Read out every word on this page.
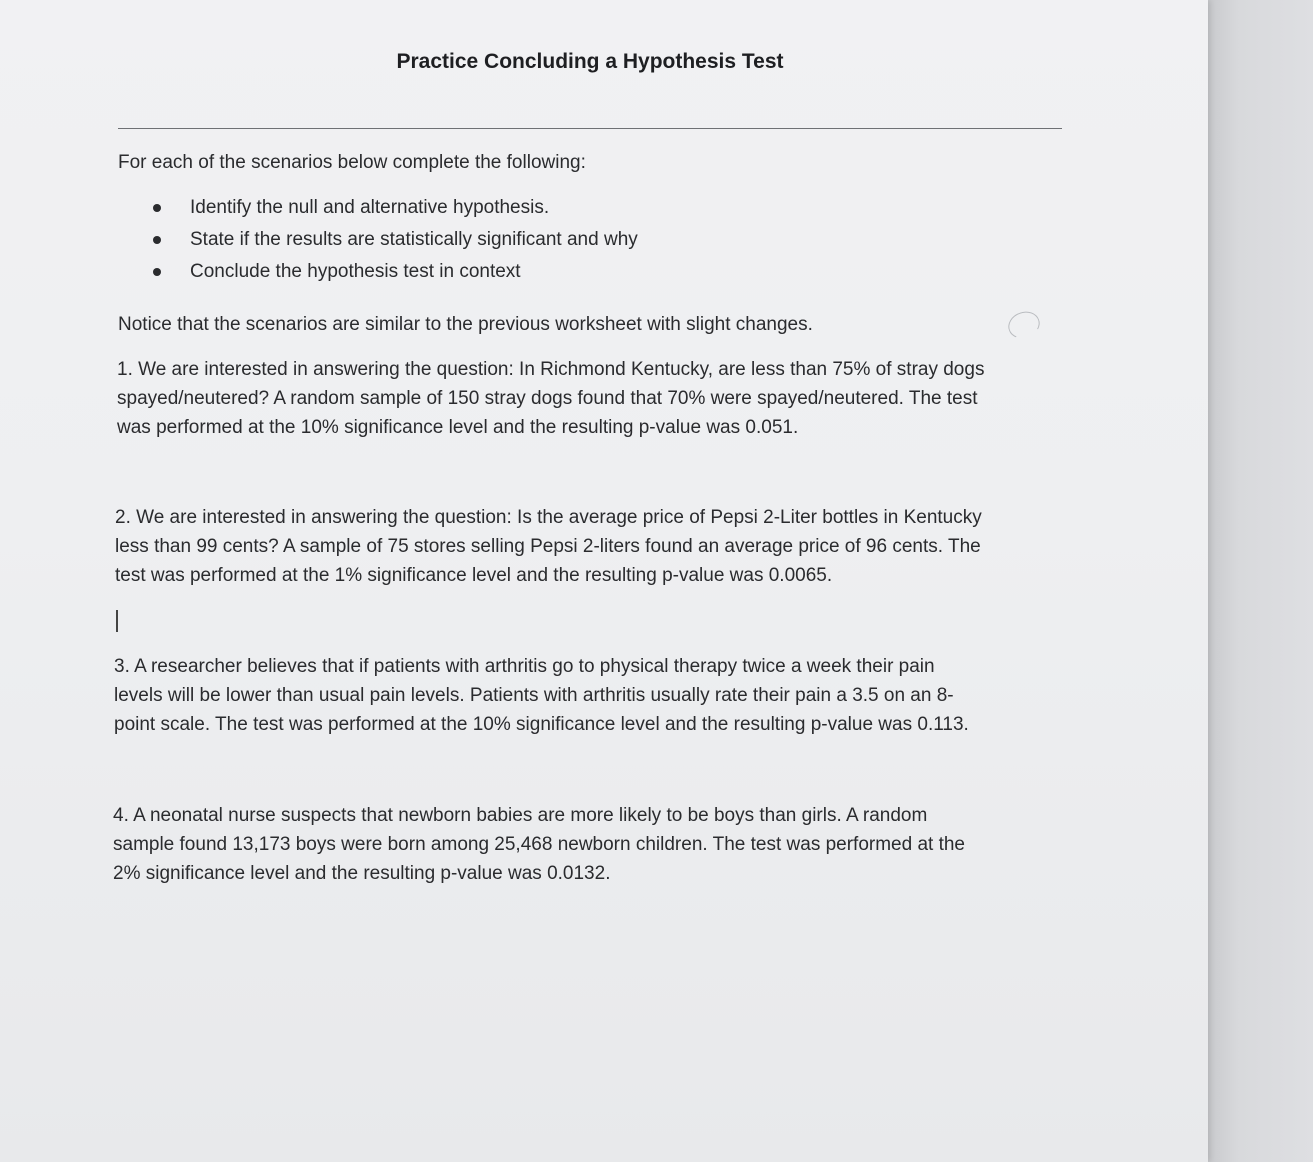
Practice Concluding a Hypothesis Test
For each of the scenarios below complete the following:
Identify the null and alternative hypothesis.
State if the results are statistically significant and why
Conclude the hypothesis test in context
Notice that the scenarios are similar to the previous worksheet with slight changes.
1. We are interested in answering the question: In Richmond Kentucky, are less than 75% of stray dogs
spayed/neutered? A random sample of 150 stray dogs found that 70% were spayed/neutered. The test
was performed at the 10% significance level and the resulting p-value was 0.051.
2. We are interested in answering the question: Is the average price of Pepsi 2-Liter bottles in Kentucky
less than 99 cents? A sample of 75 stores selling Pepsi 2-liters found an average price of 96 cents. The
test was performed at the 1% significance level and the resulting p-value was 0.0065.
3. A researcher believes that if patients with arthritis go to physical therapy twice a week their pain
levels will be lower than usual pain levels. Patients with arthritis usually rate their pain a 3.5 on an 8-
point scale. The test was performed at the 10% significance level and the resulting p-value was 0.113.
4. A neonatal nurse suspects that newborn babies are more likely to be boys than girls. A random
sample found 13,173 boys were born among 25,468 newborn children. The test was performed at the
2% significance level and the resulting p-value was 0.0132.
